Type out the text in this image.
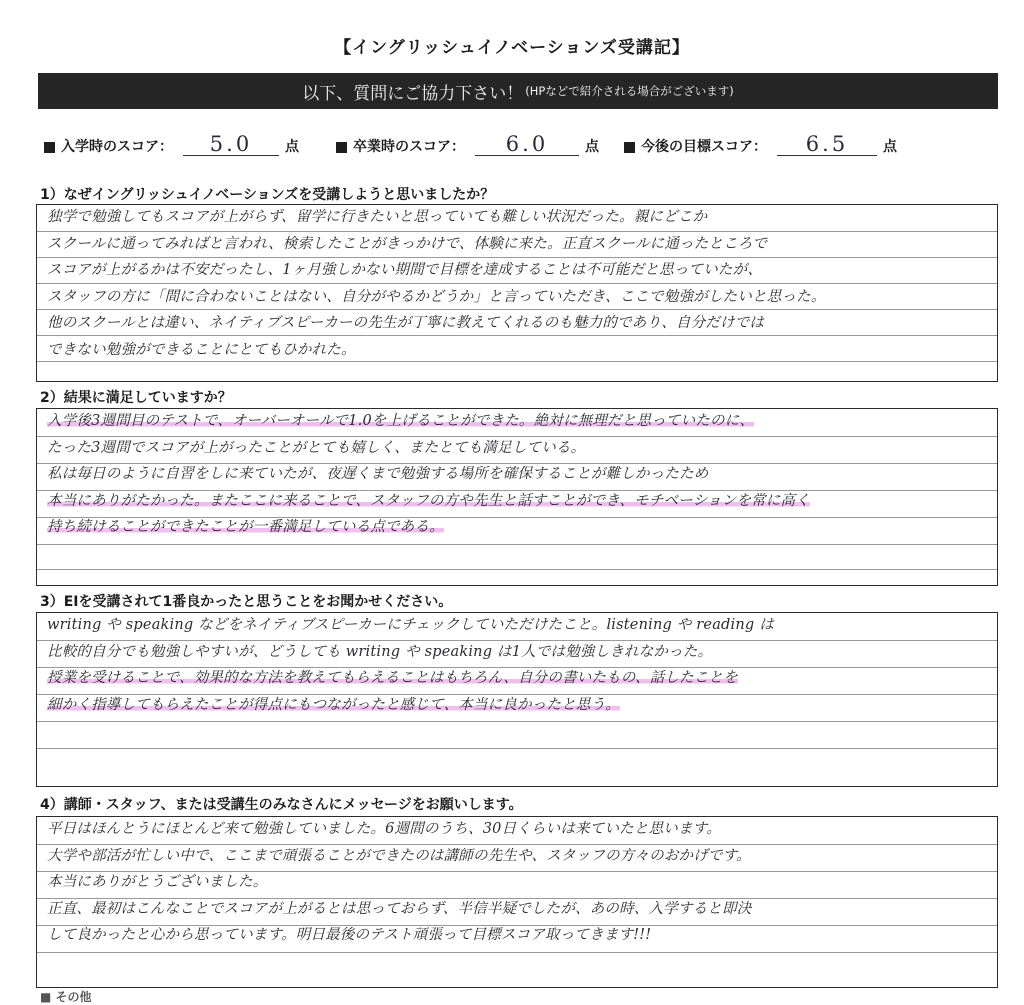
【イングリッシュイノベーションズ受講記】
以下、質問にご協力下さい！ (HPなどで紹介される場合がございます)
入学時のスコア：	5.0	点	卒業時のスコア：	6.0	点	今後の目標スコア：	6.5	点
1）なぜイングリッシュイノベーションズを受講しようと思いましたか？
独学で勉強してもスコアが上がらず、留学に行きたいと思っていても難しい状況だった。親にどこか
スクールに通ってみればと言われ、検索したことがきっかけで、体験に来た。正直スクールに通ったところで
スコアが上がるかは不安だったし、1ヶ月強しかない期間で目標を達成することは不可能だと思っていたが、
スタッフの方に「間に合わないことはない、自分がやるかどうか」と言っていただき、ここで勉強がしたいと思った。
他のスクールとは違い、ネイティブスピーカーの先生が丁寧に教えてくれるのも魅力的であり、自分だけでは
できない勉強ができることにとてもひかれた。
2）結果に満足していますか？
入学後3週間目のテストで、オーバーオールで1.0を上げることができた。絶対に無理だと思っていたのに、
たった3週間でスコアが上がったことがとても嬉しく、またとても満足している。
私は毎日のように自習をしに来ていたが、夜遅くまで勉強する場所を確保することが難しかったため
本当にありがたかった。またここに来ることで、スタッフの方や先生と話すことができ、モチベーションを常に高く
持ち続けることができたことが一番満足している点である。
3）EIを受講されて1番良かったと思うことをお聞かせください。
writing や speaking などをネイティブスピーカーにチェックしていただけたこと。listening や reading は
比較的自分でも勉強しやすいが、どうしても writing や speaking は1人では勉強しきれなかった。
授業を受けることで、効果的な方法を教えてもらえることはもちろん、自分の書いたもの、話したことを
細かく指導してもらえたことが得点にもつながったと感じて、本当に良かったと思う。
4）講師・スタッフ、または受講生のみなさんにメッセージをお願いします。
平日はほんとうにほとんど来て勉強していました。6週間のうち、30日くらいは来ていたと思います。
大学や部活が忙しい中で、ここまで頑張ることができたのは講師の先生や、スタッフの方々のおかげです。
本当にありがとうございました。
正直、最初はこんなことでスコアが上がるとは思っておらず、半信半疑でしたが、あの時、入学すると即決
して良かったと心から思っています。明日最後のテスト頑張って目標スコア取ってきます!!!
■ その他
